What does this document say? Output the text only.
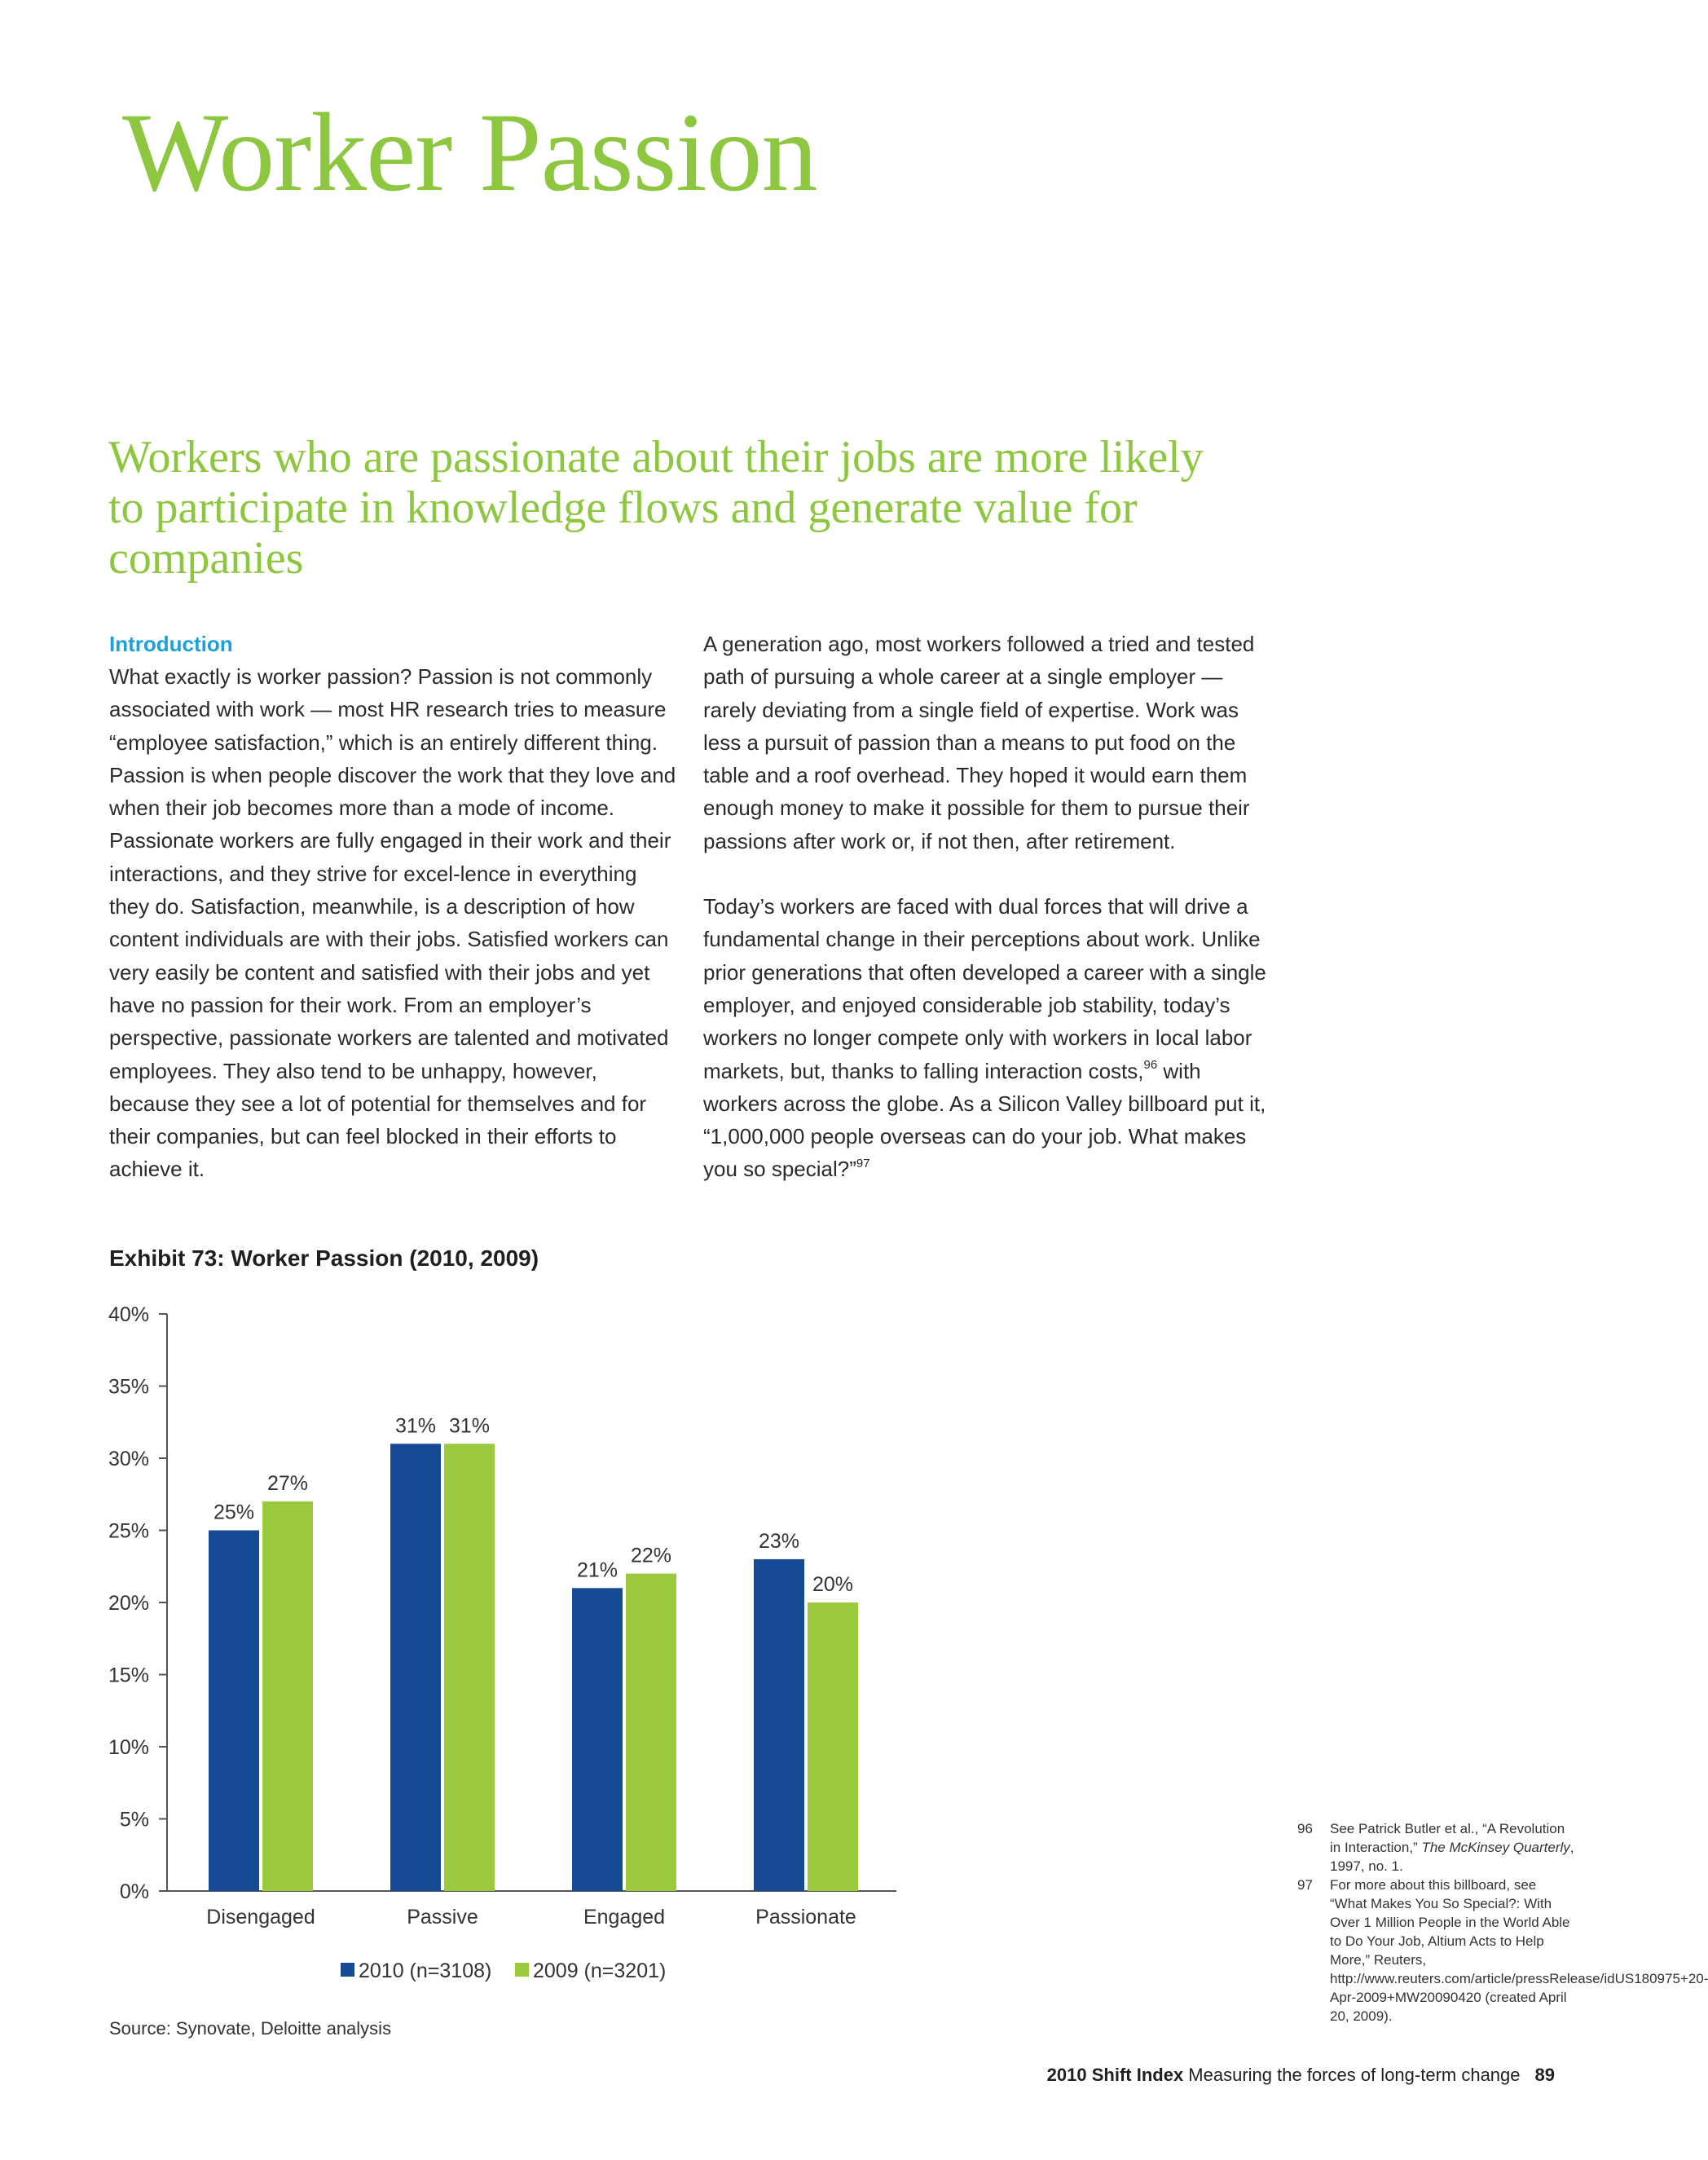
Worker Passion
Workers who are passionate about their jobs are more likely to participate in knowledge flows and generate value for companies
Introduction

What exactly is worker passion? Passion is not commonly associated with work — most HR research tries to measure “employee satisfaction,” which is an entirely different thing. Passion is when people discover the work that they love and when their job becomes more than a mode of income. Passionate workers are fully engaged in their work and their interactions, and they strive for excel-lence in everything they do. Satisfaction, meanwhile, is a description of how content individuals are with their jobs. Satisfied workers can very easily be content and satisfied with their jobs and yet have no passion for their work. From an employer’s perspective, passionate workers are talented and motivated employees. They also tend to be unhappy, however, because they see a lot of potential for themselves and for their companies, but can feel blocked in their efforts to achieve it.

A generation ago, most workers followed a tried and tested path of pursuing a whole career at a single employer — rarely deviating from a single field of expertise. Work was less a pursuit of passion than a means to put food on the table and a roof overhead. They hoped it would earn them enough money to make it possible for them to pursue their passions after work or, if not then, after retirement.

Today’s workers are faced with dual forces that will drive a fundamental change in their perceptions about work. Unlike prior generations that often developed a career with a single employer, and enjoyed considerable job stability, today’s workers no longer compete only with workers in local labor markets, but, thanks to falling interaction costs,$^{96}$ with workers across the globe. As a Silicon Valley billboard put it, “1,000,000 people overseas can do your job. What makes you so special?”$^{97}$

Exhibit 73: Worker Passion (2010, 2009)
0%
5%
10%
15%
20%
25%
30%
35%
40%
25%
27%
Disengaged
31% 31%
Passive
21%
22%
Engaged
23%
20%
Passionate
2010 (n=3108) 2009 (n=3201)
Source: Synovate, Deloitte analysis
96 See Patrick Butler et al., “A Revolution in Interaction,” The McKinsey Quarterly, 1997, no. 1.
97 For more about this billboard, see “What Makes You So Special?: With Over 1 Million People in the World Able to Do Your Job, Altium Acts to Help More,” Reuters, http://www.reuters.com/article/pressRelease/idUS180975+20-Apr-2009+MW20090420 (created April 20, 2009).
2010 Shift Index Measuring the forces of long-term change 89
